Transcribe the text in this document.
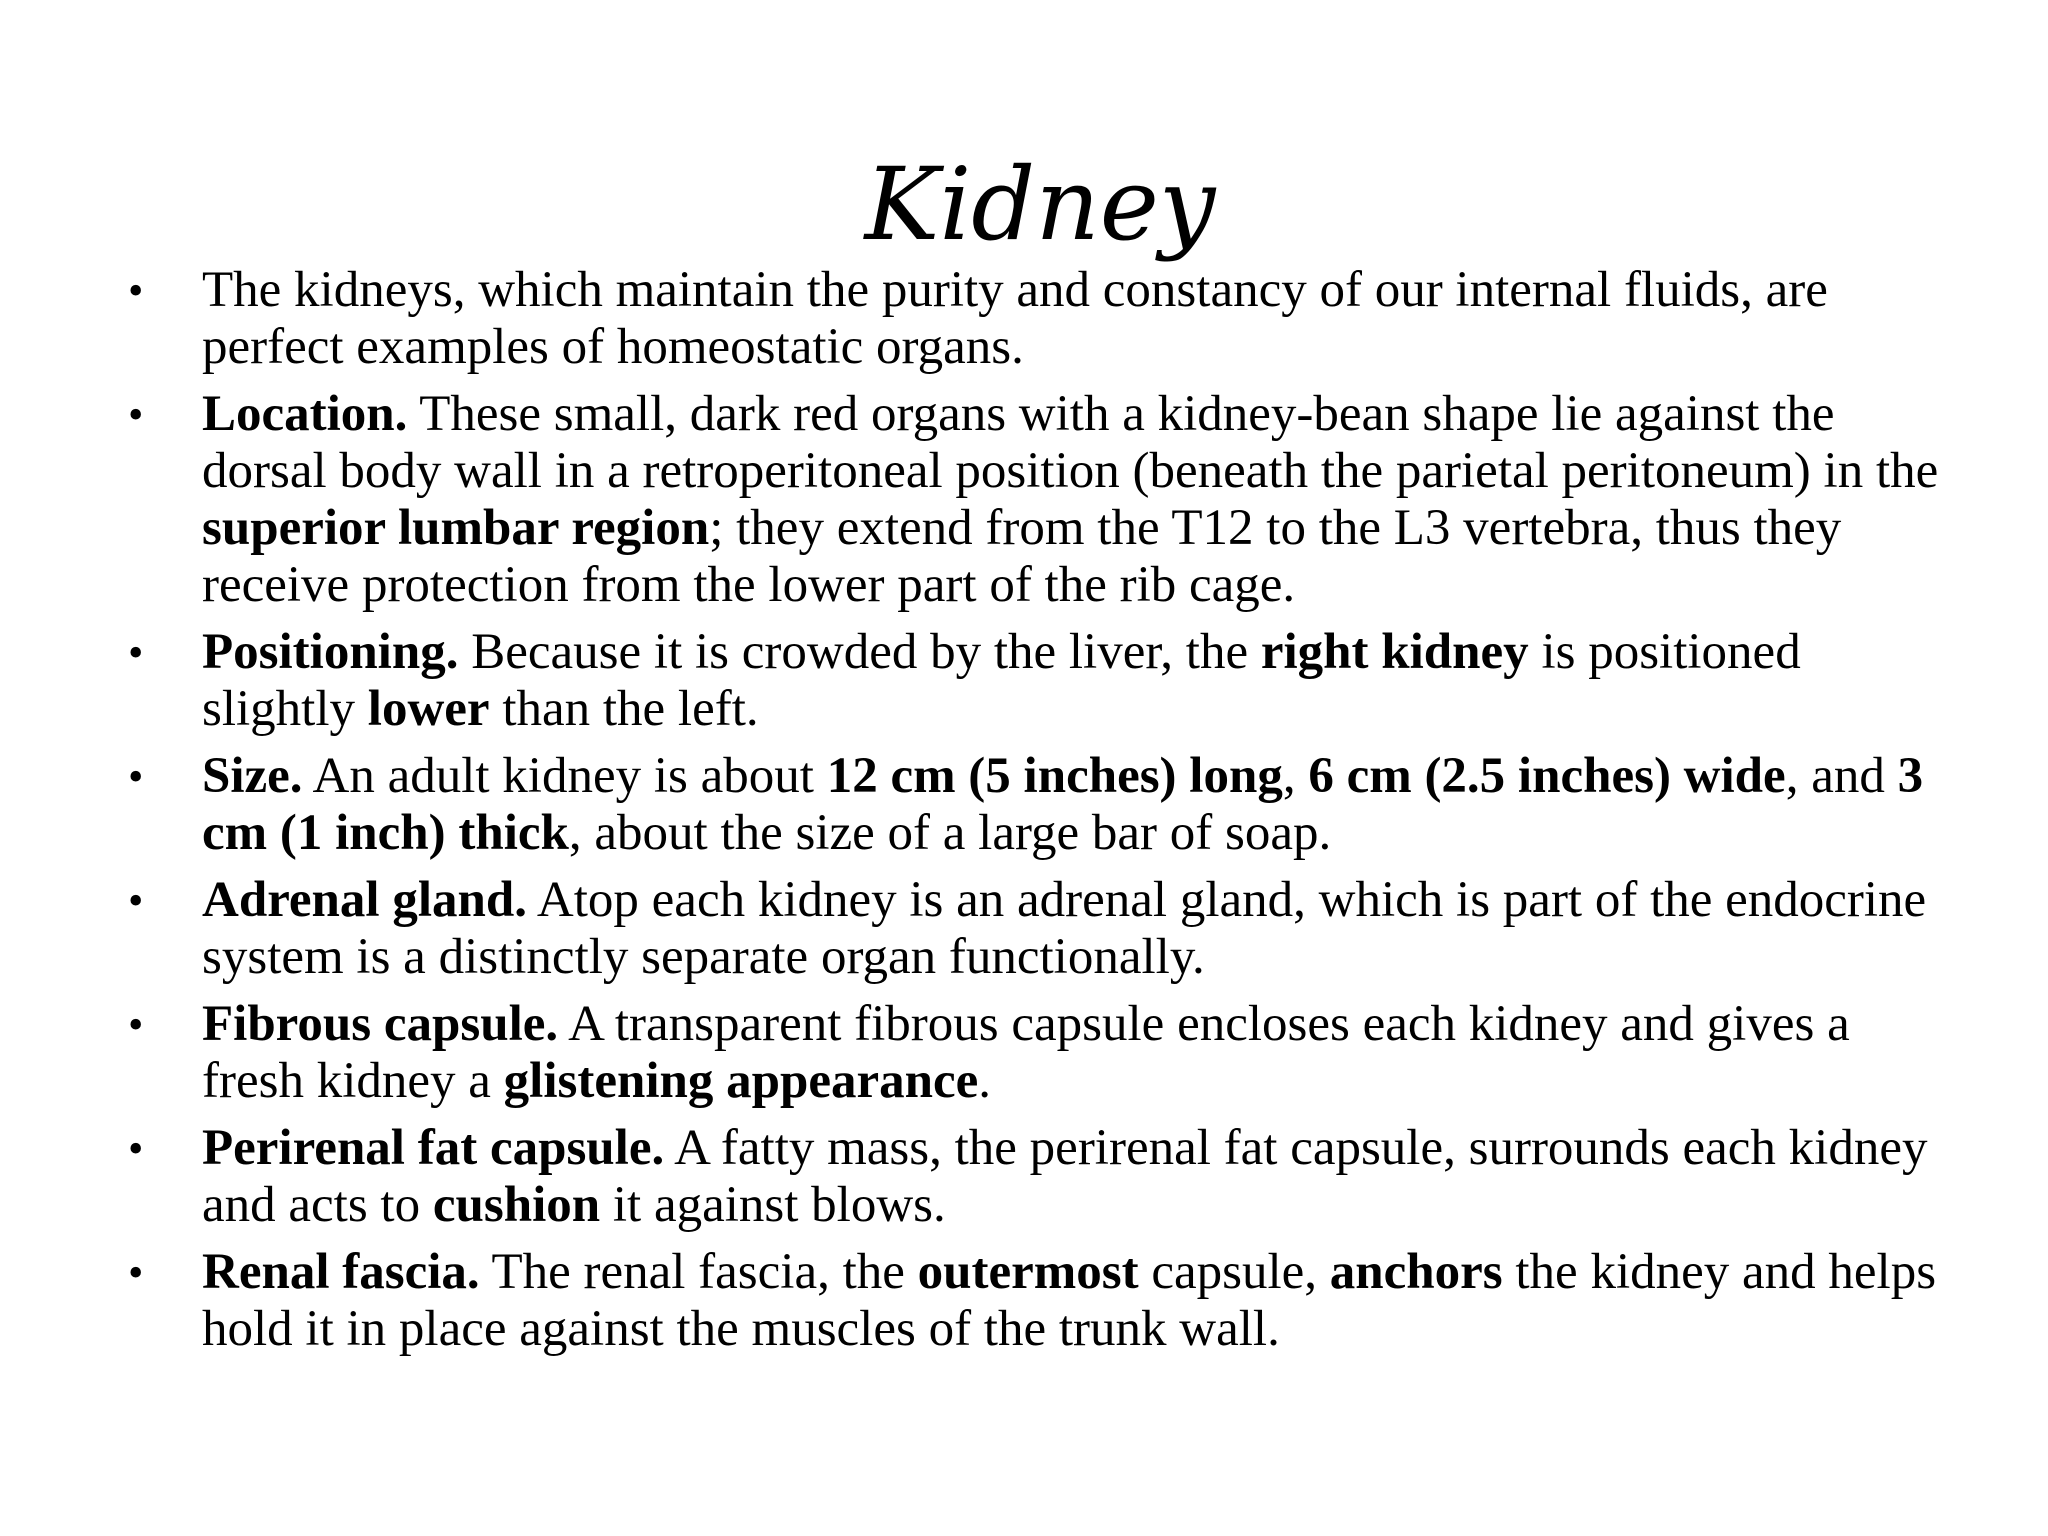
Kidney
• The kidneys, which maintain the purity and constancy of our internal fluids, are perfect examples of homeostatic organs.
• Location. These small, dark red organs with a kidney-bean shape lie against the dorsal body wall in a retroperitoneal position (beneath the parietal peritoneum) in the superior lumbar region; they extend from the T12 to the L3 vertebra, thus they receive protection from the lower part of the rib cage.
• Positioning. Because it is crowded by the liver, the right kidney is positioned slightly lower than the left.
• Size. An adult kidney is about 12 cm (5 inches) long, 6 cm (2.5 inches) wide, and 3 cm (1 inch) thick, about the size of a large bar of soap.
• Adrenal gland. Atop each kidney is an adrenal gland, which is part of the endocrine system is a distinctly separate organ functionally.
• Fibrous capsule. A transparent fibrous capsule encloses each kidney and gives a fresh kidney a glistening appearance.
• Perirenal fat capsule. A fatty mass, the perirenal fat capsule, surrounds each kidney and acts to cushion it against blows.
• Renal fascia. The renal fascia, the outermost capsule, anchors the kidney and helps hold it in place against the muscles of the trunk wall.
